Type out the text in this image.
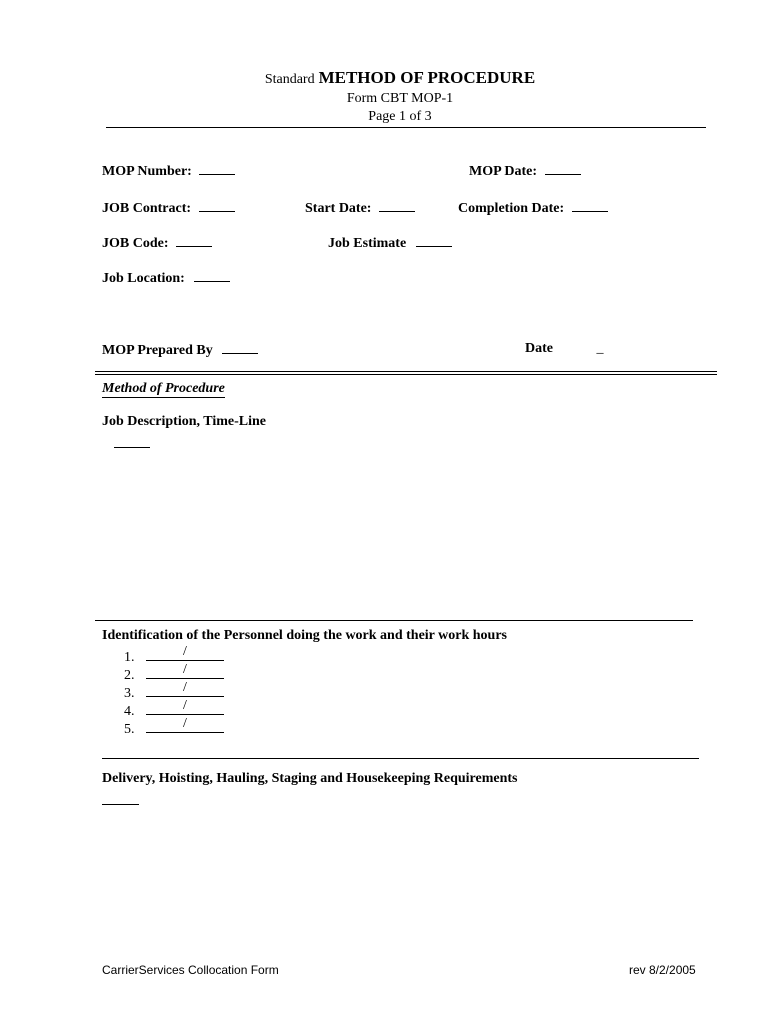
Standard METHOD OF PROCEDURE
Form CBT MOP-1
Page 1 of 3
MOP Number:	MOP Date:
JOB Contract:	Start Date:	Completion Date:
JOB Code:	Job Estimate
Job Location:
MOP Prepared By	Date	_
Method of Procedure
Job Description, Time-Line
Identification of the Personnel doing the work and their work hours
1.	/
2.	/
3.	/
4.	/
5.	/
Delivery, Hoisting, Hauling, Staging and Housekeeping Requirements
CarrierServices Collocation Form	rev 8/2/2005
